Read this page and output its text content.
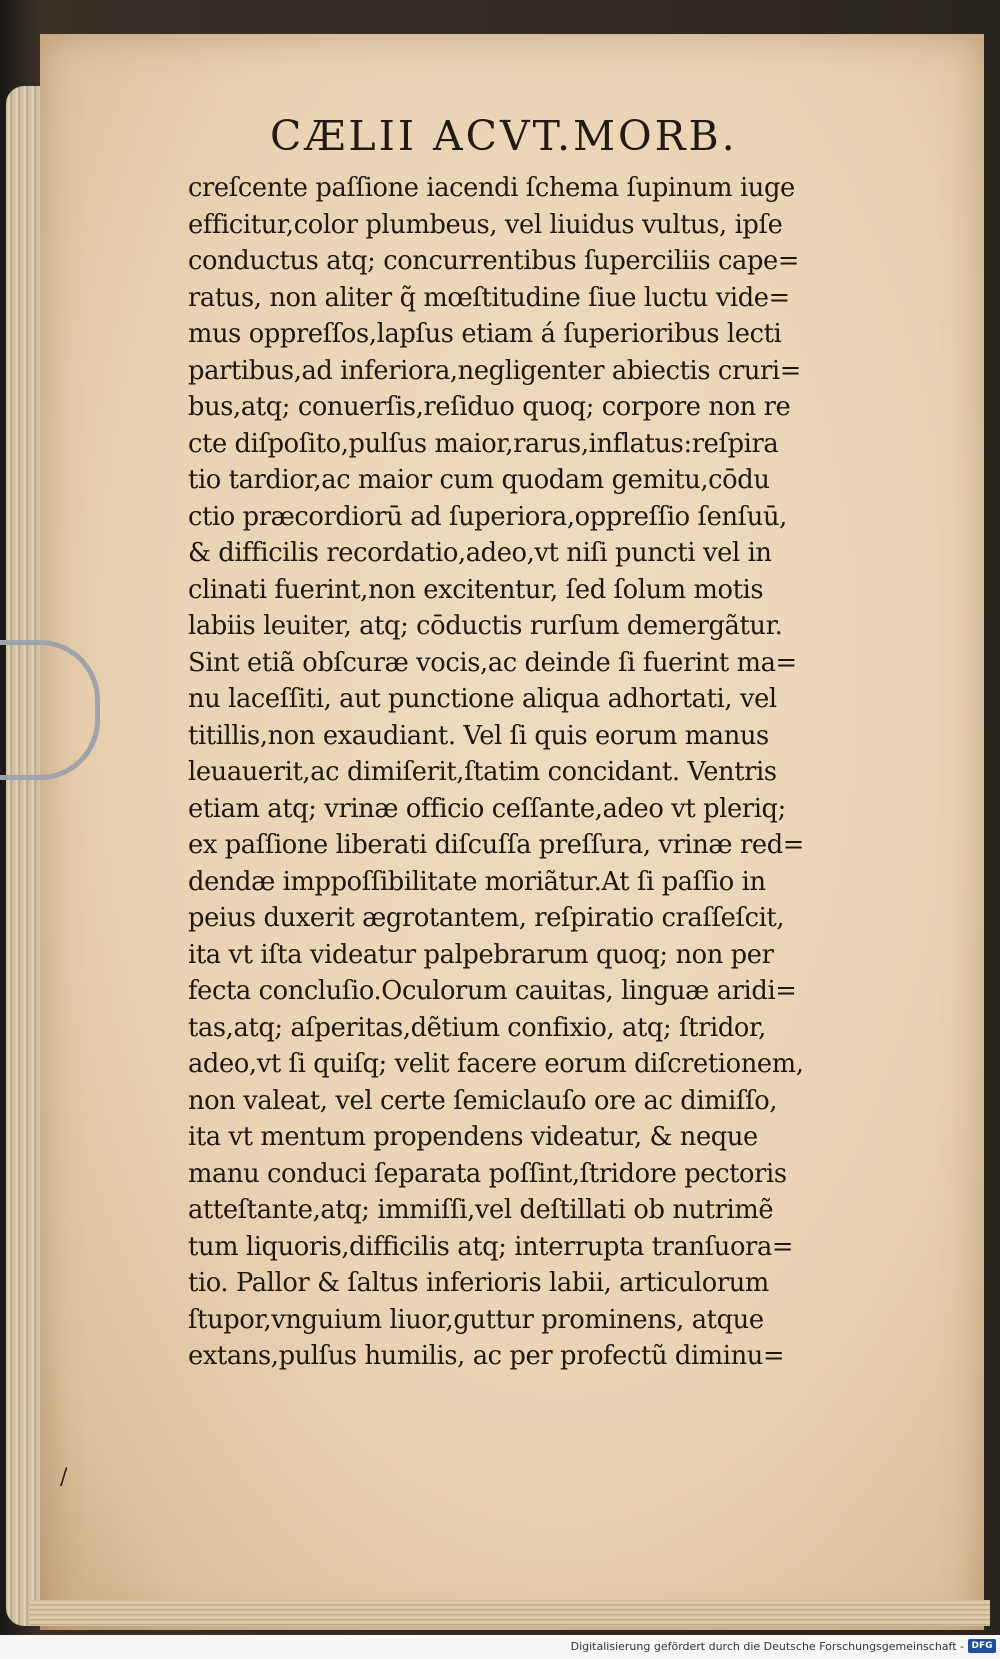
CÆLII ACVT.MORB.
creſcente paſſione iacendi ſchema ſupinum iuge
efficitur,color plumbeus, vel liuidus vultus, ipſe
conductus atq; concurrentibus ſuperciliis cape=
ratus, non aliter q̃ mœſtitudine ſiue luctu vide=
mus oppreſſos,lapſus etiam á ſuperioribus lecti
partibus,ad inferiora,negligenter abiectis cruri=
bus,atq; conuerſis,reſiduo quoq; corpore non re
cte diſpoſito,pulſus maior,rarus,inflatus:reſpira
tio tardior,ac maior cum quodam gemitu,cōdu
ctio præcordiorū ad ſuperiora,oppreſſio ſenſuū,
& difficilis recordatio,adeo,vt niſi puncti vel in
clinati fuerint,non excitentur, ſed ſolum motis
labiis leuiter, atq; cōductis rurſum demergãtur.
Sint etiã obſcuræ vocis,ac deinde ſi fuerint ma=
nu laceſſiti, aut punctione aliqua adhortati, vel
titillis,non exaudiant. Vel ſi quis eorum manus
leuauerit,ac dimiſerit,ſtatim concidant. Ventris
etiam atq; vrinæ officio ceſſante,adeo vt pleriq;
ex paſſione liberati diſcuſſa preſſura, vrinæ red=
dendæ imppoſſibilitate moriãtur.At ſi paſſio in
peius duxerit ægrotantem, reſpiratio craſſeſcit,
ita vt iſta videatur palpebrarum quoq; non per
fecta concluſio.Oculorum cauitas, linguæ aridi=
tas,atq; aſperitas,dẽtium confixio, atq; ſtridor,
adeo,vt ſi quiſq; velit facere eorum diſcretionem,
non valeat, vel certe ſemiclauſo ore ac dimiſſo,
ita vt mentum propendens videatur, & neque
manu conduci ſeparata poſſint,ſtridore pectoris
atteſtante,atq; immiſſi,vel deſtillati ob nutrimẽ
tum liquoris,difficilis atq; interrupta tranſuora=
tio. Pallor & ſaltus inferioris labii, articulorum
ſtupor,vnguium liuor,guttur prominens, atque
extans,pulſus humilis, ac per profectũ diminu=
/
Digitalisierung gefördert durch die Deutsche Forschungsgemeinschaft - DFG
